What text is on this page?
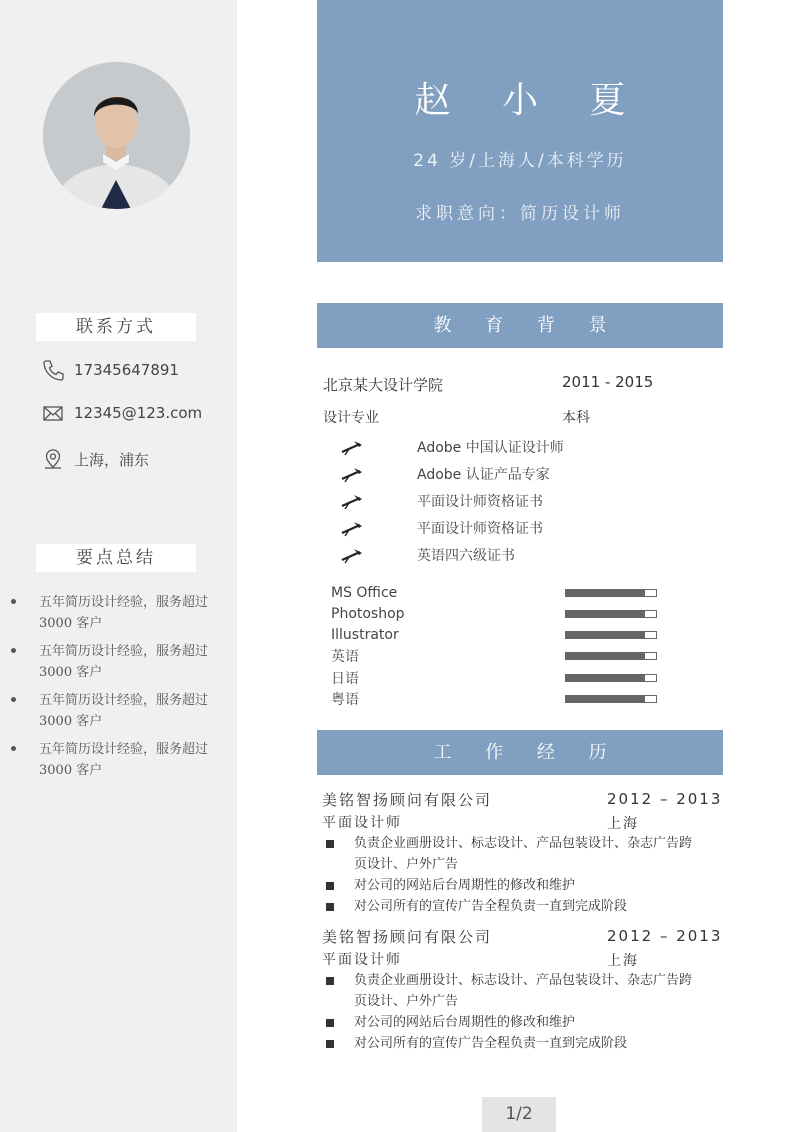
联系方式
17345647891
12345@123.com
上海，浦东
要点总结
五年简历设计经验，服务超过 3000 客户
五年简历设计经验，服务超过 3000 客户
五年简历设计经验，服务超过 3000 客户
五年简历设计经验，服务超过 3000 客户
赵 小 夏
24 岁/上海人/本科学历
求职意向：简历设计师
教 育 背 景
北京某大设计学院	2011 - 2015
设计专业	本科
Adobe 中国认证设计师
Adobe 认证产品专家
平面设计师资格证书
平面设计师资格证书
英语四六级证书
MS Office
Photoshop
Illustrator
英语
日语
粤语
工 作 经 历
美铭智扬顾问有限公司	2012 – 2013
平面设计师	上海
负责企业画册设计、标志设计、产品包装设计、杂志广告跨页设计、户外广告
对公司的网站后台周期性的修改和维护
对公司所有的宣传广告全程负责一直到完成阶段
美铭智扬顾问有限公司	2012 – 2013
平面设计师	上海
负责企业画册设计、标志设计、产品包装设计、杂志广告跨页设计、户外广告
对公司的网站后台周期性的修改和维护
对公司所有的宣传广告全程负责一直到完成阶段
1/2
